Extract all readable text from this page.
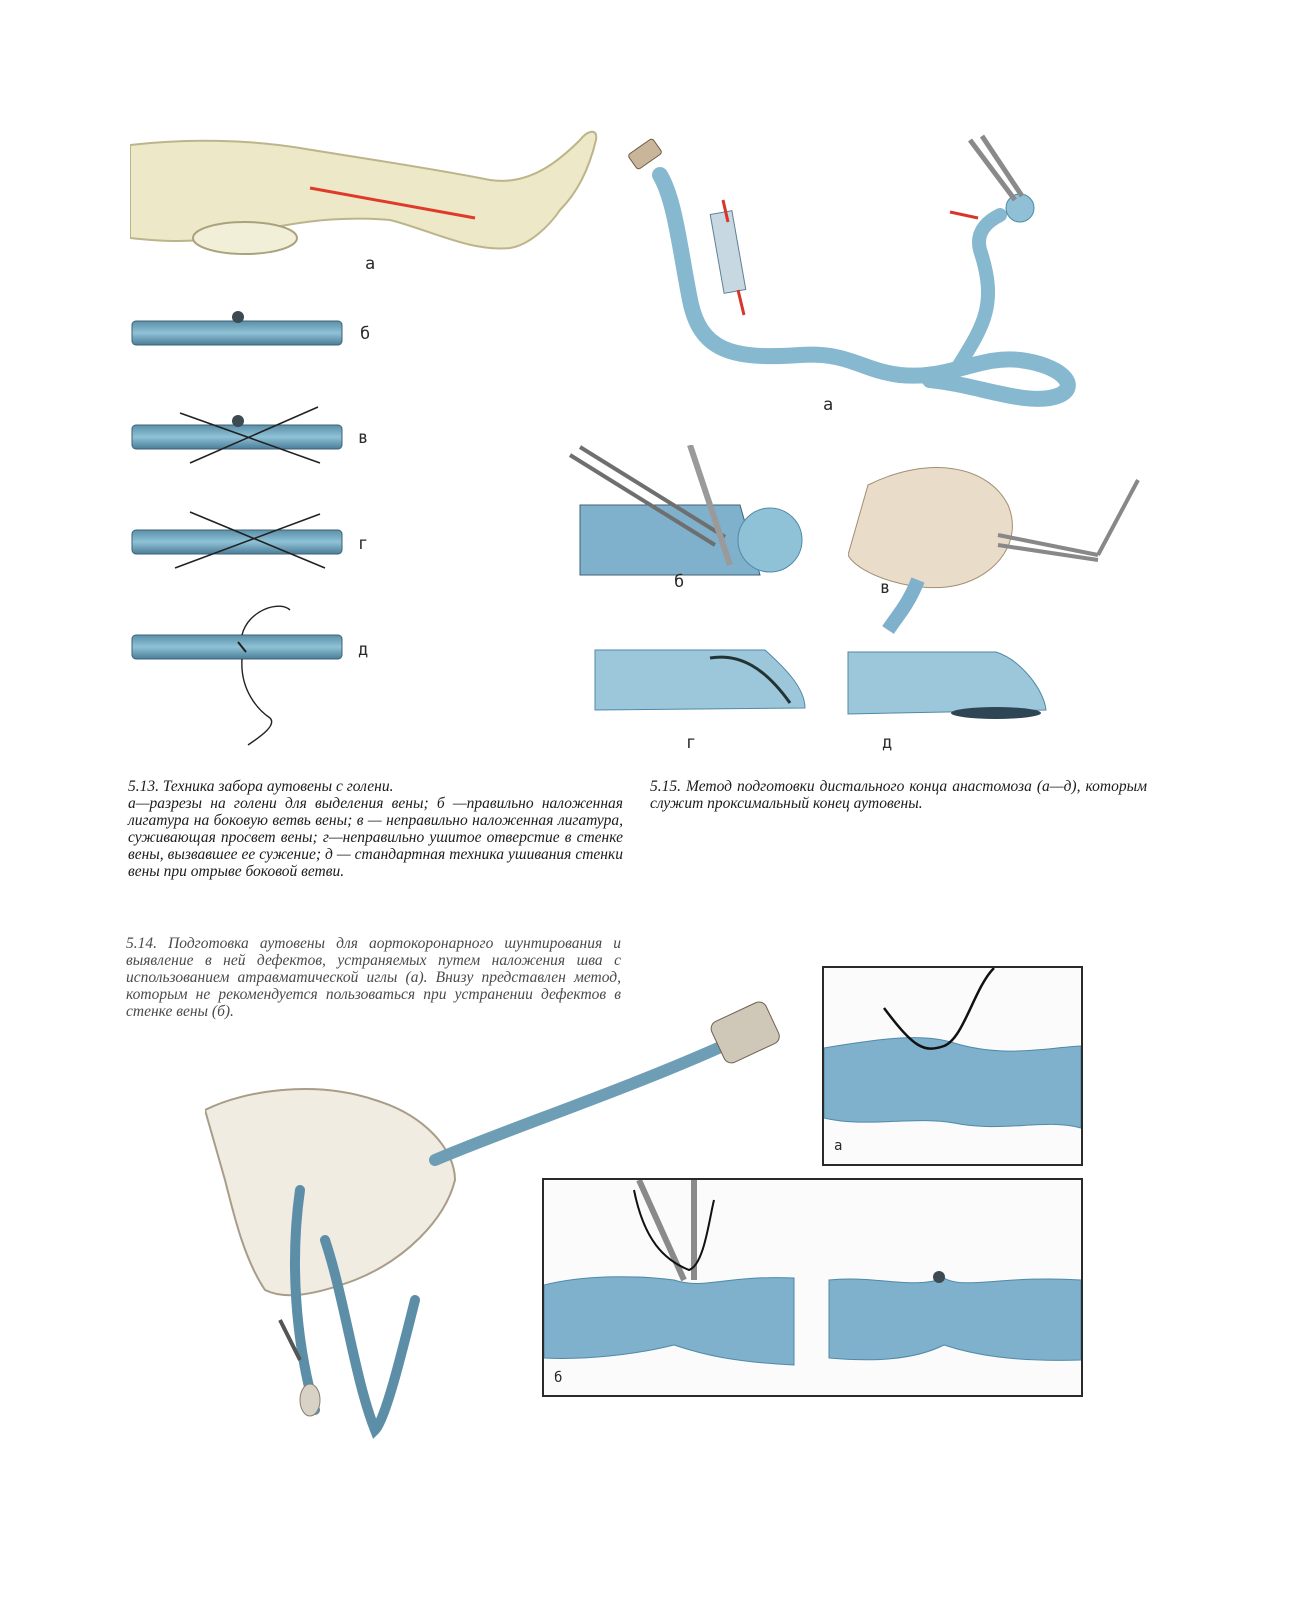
а
б
в
г
д
а
б	в
г	д

5.13. Техника забора аутовены с голени.

а—разрезы на голени для выделения вены; б —правильно наложенная лигатура на боковую ветвь вены; в — неправильно наложенная лигатура, суживающая просвет вены; г—неправильно ушитое отверстие в стенке вены, вызвавшее ее сужение; д — стандартная техника ушивания стенки вены при отрыве боковой ветви.

5.15. Метод подготовки дистального конца анастомоза (а—д), которым служит проксимальный конец аутовены.

5.14. Подготовка аутовены для аортокоронарного шунтирования и выявление в ней дефектов, устраняемых путем наложения шва с использованием атравматической иглы (а). Внизу представлен метод, которым не рекомендуется пользоваться при устранении дефектов в стенке вены (б).

а
б
